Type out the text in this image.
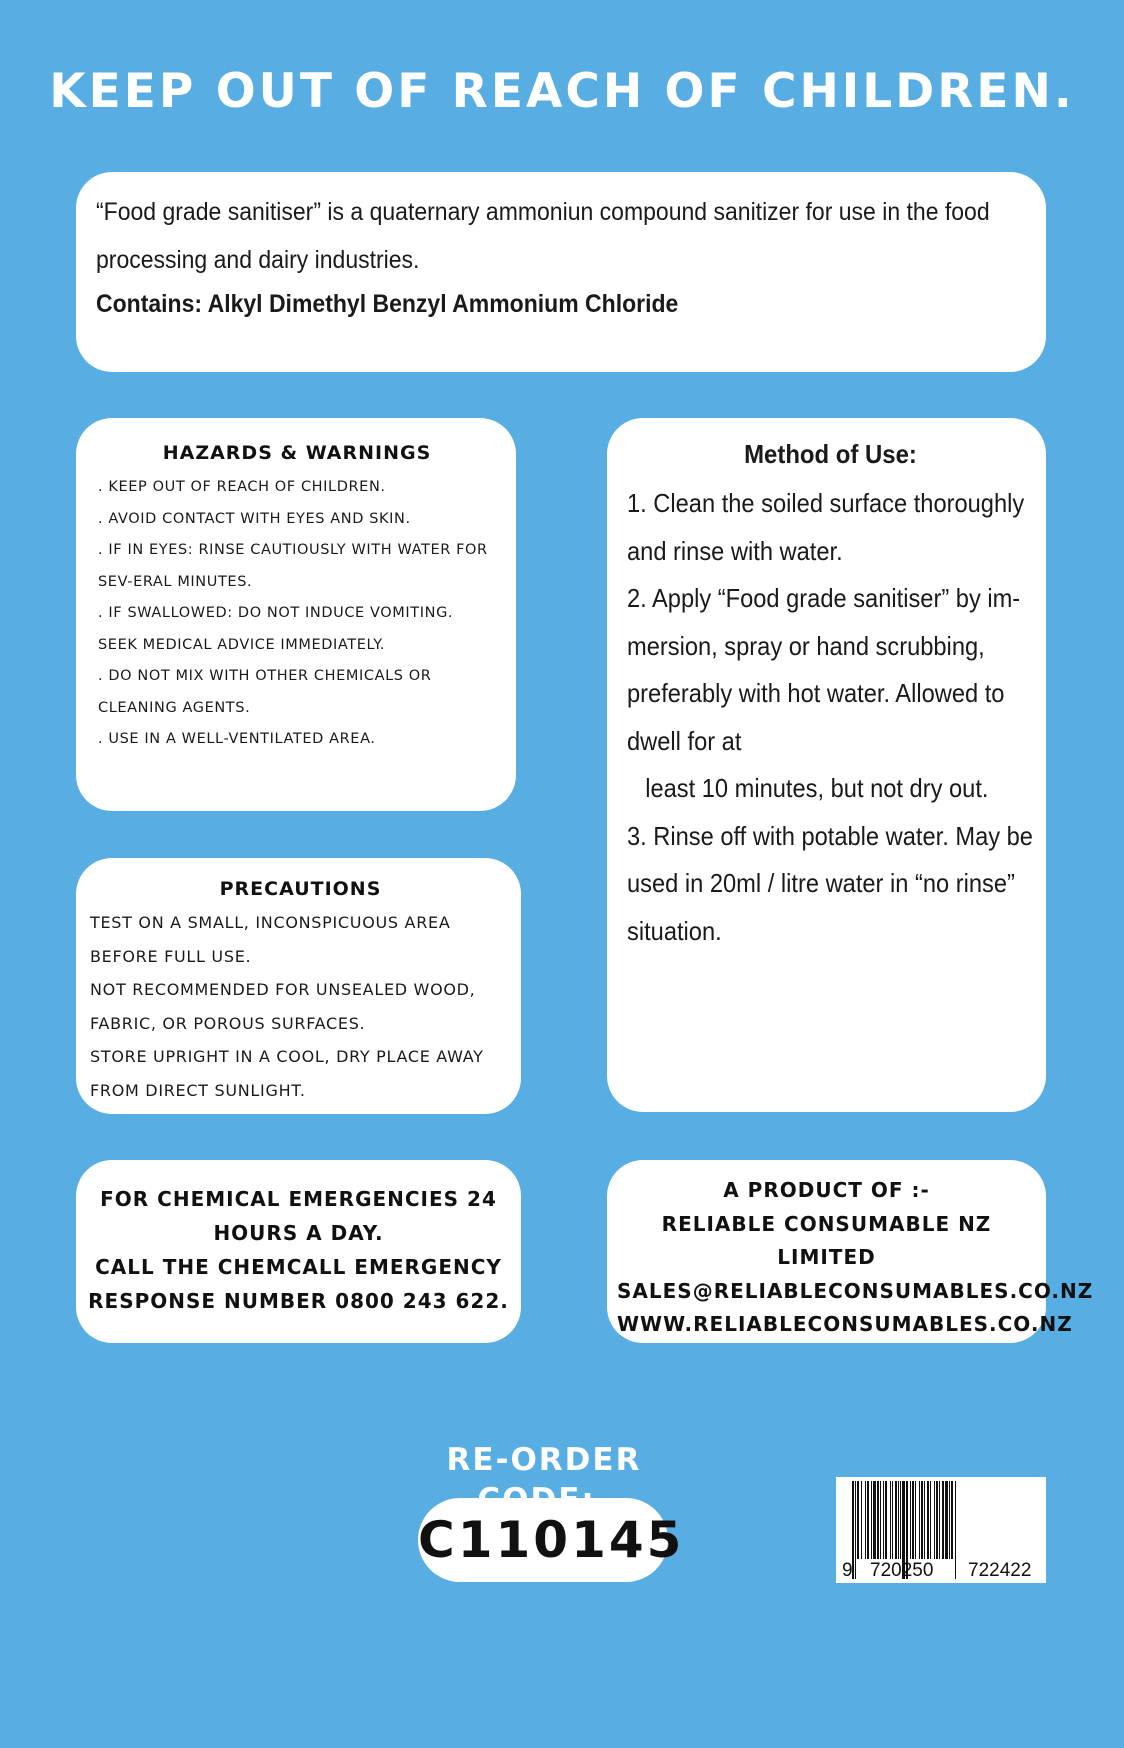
KEEP OUT OF REACH OF CHILDREN.

“Food grade sanitiser” is a quaternary ammoniun compound sanitizer for use in the food processing and dairy industries.

Contains: Alkyl Dimethyl Benzyl Ammonium Chloride

HAZARDS & WARNINGS
. KEEP OUT OF REACH OF CHILDREN.
. AVOID CONTACT WITH EYES AND SKIN.
. IF IN EYES: RINSE CAUTIOUSLY WITH WATER FOR SEV-ERAL MINUTES.
. IF SWALLOWED: DO NOT INDUCE VOMITING. SEEK MEDICAL ADVICE IMMEDIATELY.
. DO NOT MIX WITH OTHER CHEMICALS OR CLEANING AGENTS.
. USE IN A WELL-VENTILATED AREA.
PRECAUTIONS
TEST ON A SMALL, INCONSPICUOUS AREA BEFORE FULL USE.
NOT RECOMMENDED FOR UNSEALED WOOD, FABRIC, OR POROUS SURFACES.
STORE UPRIGHT IN A COOL, DRY PLACE AWAY FROM DIRECT SUNLIGHT.
Method of Use:
1. Clean the soiled surface thoroughly and rinse with water.
2. Apply “Food grade sanitiser” by im-mersion, spray or hand scrubbing, preferably with hot water. Allowed to dwell for at
least 10 minutes, but not dry out.
3. Rinse off with potable water. May be used in 20ml / litre water in “no rinse” situation.

FOR CHEMICAL EMERGENCIES 24 HOURS A DAY.

CALL THE CHEMCALL EMERGENCY RESPONSE NUMBER 0800 243 622.

A PRODUCT OF :-

RELIABLE CONSUMABLE NZ LIMITED

SALES@RELIABLECONSUMABLES.CO.NZ

WWW.RELIABLECONSUMABLES.CO.NZ

RE-ORDER
C110145
9 720250 722422
